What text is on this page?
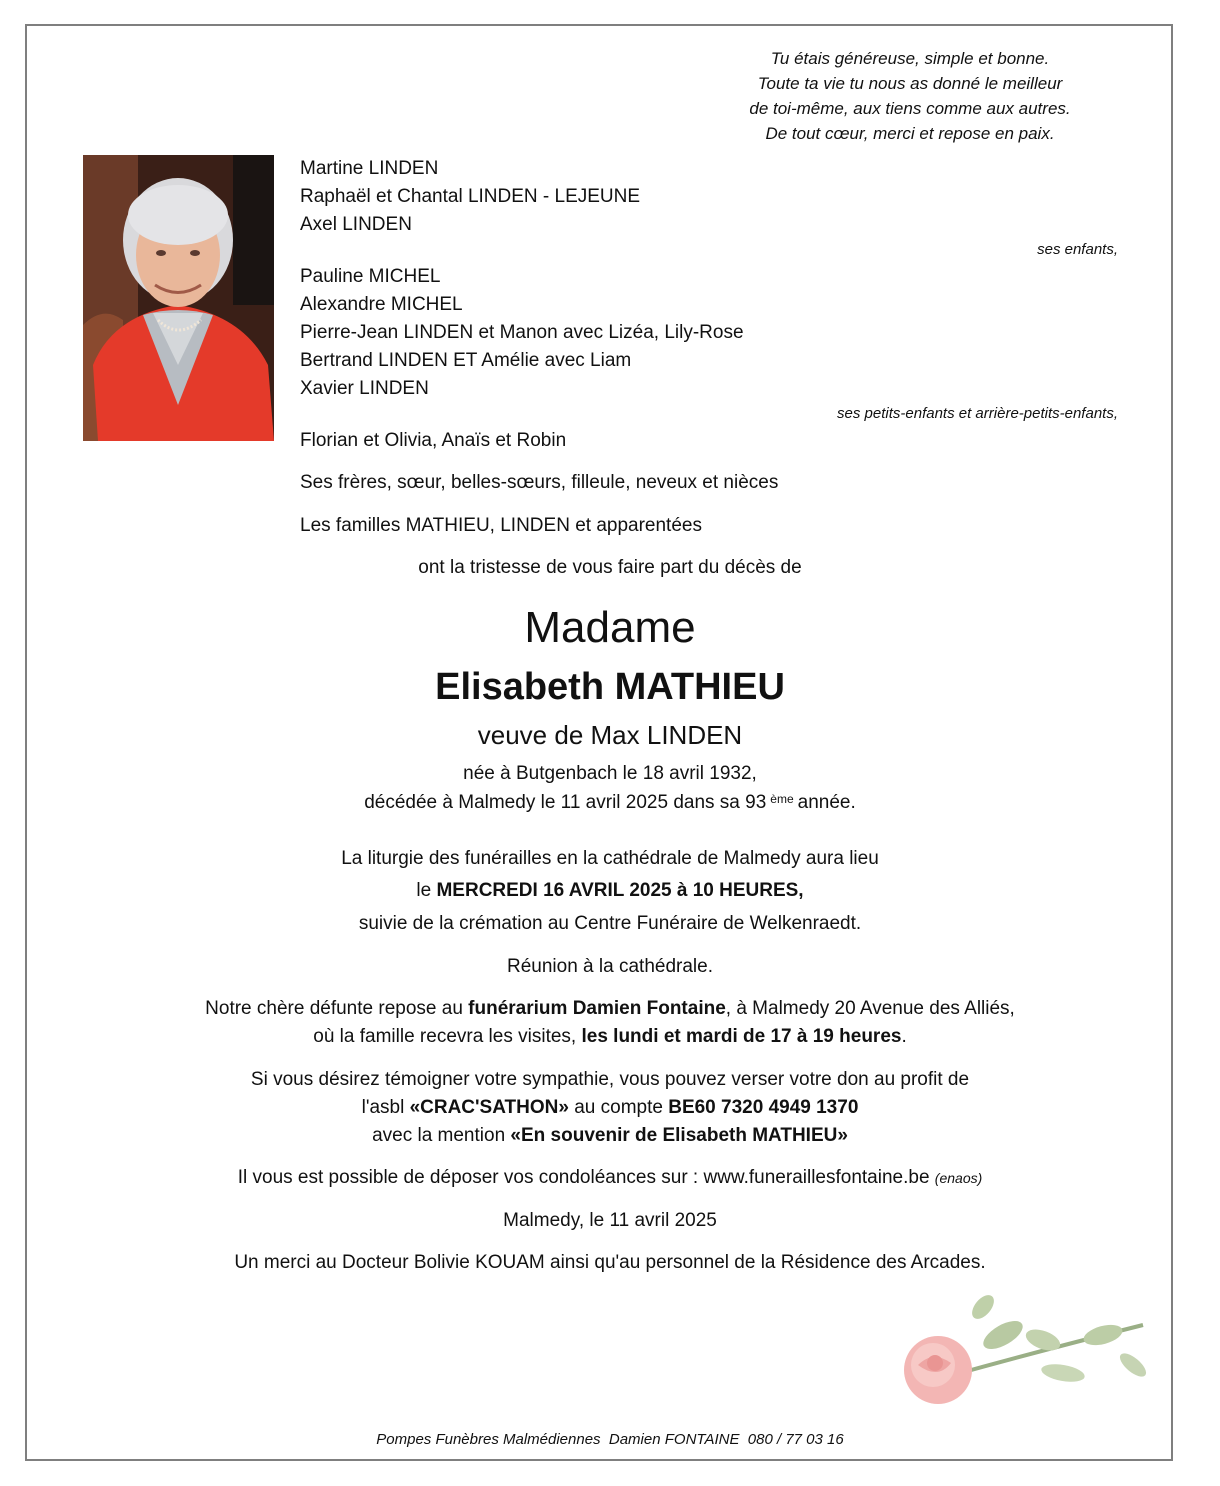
Tu étais généreuse, simple et bonne.
Toute ta vie tu nous as donné le meilleur
de toi-même, aux tiens comme aux autres.
De tout cœur, merci et repose en paix.
Martine LINDEN
Raphaël et Chantal LINDEN - LEJEUNE
Axel LINDEN
ses enfants,
Pauline MICHEL
Alexandre MICHEL
Pierre-Jean LINDEN et Manon avec Lizéa, Lily-Rose
Bertrand LINDEN ET Amélie avec Liam
Xavier LINDEN
ses petits-enfants et arrière-petits-enfants,
Florian et Olivia, Anaïs et Robin
Ses frères, sœur, belles-sœurs, filleule, neveux et nièces
Les familles MATHIEU, LINDEN et apparentées
ont la tristesse de vous faire part du décès de
Madame
Elisabeth MATHIEU
veuve de Max LINDEN
née à Butgenbach le 18 avril 1932,
décédée à Malmedy le 11 avril 2025 dans sa 93 $^{ème}$ année.
La liturgie des funérailles en la cathédrale de Malmedy aura lieu
le MERCREDI 16 AVRIL 2025 à 10 HEURES,
suivie de la crémation au Centre Funéraire de Welkenraedt.
Réunion à la cathédrale.
Notre chère défunte repose au funérarium Damien Fontaine, à Malmedy 20 Avenue des Alliés,
où la famille recevra les visites, les lundi et mardi de 17 à 19 heures.
Si vous désirez témoigner votre sympathie, vous pouvez verser votre don au profit de
l'asbl «CRAC'SATHON» au compte BE60 7320 4949 1370
avec la mention «En souvenir de Elisabeth MATHIEU»
Il vous est possible de déposer vos condoléances sur : www.funeraillesfontaine.be (enaos)
Malmedy, le 11 avril 2025
Un merci au Docteur Bolivie KOUAM ainsi qu'au personnel de la Résidence des Arcades.
Pompes Funèbres Malmédiennes  Damien FONTAINE  080 / 77 03 16
